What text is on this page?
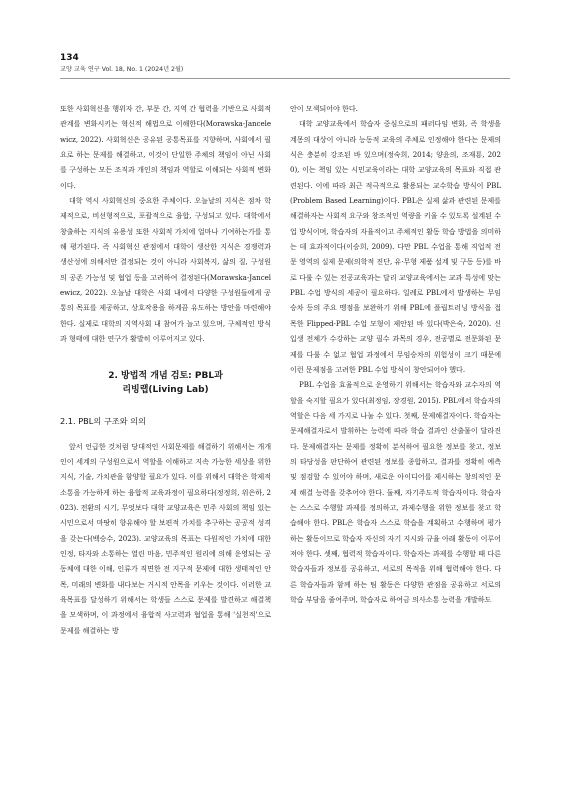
134
교양 교육 연구 Vol. 18, No. 1 (2024년 2월)

또한 사회혁신을 행위자 간, 부문 간, 지역 간 협력을 기반으로 사회적 관계를 변화시키는 혁신적 해법으로 이해한다(Morawska-Jancelewicz, 2022). 사회혁신은 공유된 공통목표를 지향하며, 사회에서 필요로 하는 문제를 해결하고, 이것이 단일한 주체의 책임이 아닌 사회를 구성하는 모든 조직과 개인의 책임과 역할로 이해되는 사회적 변화이다.

대학 역시 사회혁신의 중요한 주체이다. 오늘날의 지식은 점차 학제적으로, 비선형적으로, 포괄적으로 융합, 구성되고 있다. 대학에서 창출하는 지식의 유용성 또한 사회적 가치에 얼마나 기여하는가를 통해 평가된다. 즉 사회혁신 관점에서 대학이 생산한 지식은 경쟁력과 생산성에 의해서만 결정되는 것이 아니라 사회복지, 삶의 질, 구성원의 공존 가능성 및 협업 등을 고려하여 결정된다(Morawska-Jancelewicz, 2022). 오늘날 대학은 사회 내에서 다양한 구성원들에게 공통의 목표를 제공하고, 상호작용을 하게끔 유도하는 방안을 마련해야 한다. 실제로 대학의 지역사회 내 참여가 늘고 있으며, 구체적인 방식과 형태에 대한 연구가 활발히 이루어지고 있다.

2. 방법적 개념 검토: PBL과
리빙랩(Living Lab)
2.1. PBL의 구조와 의의

앞서 언급한 것처럼 당대적인 사회문제를 해결하기 위해서는 개개인이 세계의 구성원으로서 역할을 이해하고 지속 가능한 세상을 위한 지식, 기술, 가치관을 함양할 필요가 있다. 이를 위해서 대학은 학제적 소통을 가능하게 하는 융합적 교육과정이 필요하다(정정희, 위은하, 2023). 전환의 시기, 무엇보다 대학 교양교육은 민주 사회의 책임 있는 시민으로서 마땅히 향유해야 할 보편적 가치를 추구하는 공공적 성격을 갖는다(백승수, 2023). 교양교육의 목표는 다원적인 가치에 대한 인정, 타자와 소통하는 열린 마음, 민주적인 원리에 의해 운영되는 공동체에 대한 이해, 인류가 직면한 전 지구적 문제에 대한 생태적인 안목, 미래의 변화를 내다보는 거시적 안목을 키우는 것이다. 이러한 교육목표를 달성하기 위해서는 학생들 스스로 문제를 발견하고 해결책을 모색하며, 이 과정에서 융합적 사고력과 협업을 통해 '실천적'으로 문제를 해결하는 방

안이 모색되어야 한다.

대학 교양교육에서 학습자 중심으로의 패러다임 변화, 즉 학생을 계몽의 대상이 아니라 능동적 교육의 주체로 인정해야 한다는 문제의식은 충분히 강조된 바 있으며(정숙희, 2014; 양윤의, 조재룡, 2020), 이는 책임 있는 시민교육이라는 대학 교양교육의 목표와 직접 관련된다. 이에 따라 최근 적극적으로 활용되는 교수학습 방식이 PBL (Problem Based Learning)이다. PBL은 실제 삶과 관련된 문제를 해결하자는 사회적 요구와 창조적인 역량을 키울 수 있도록 설계된 수업 방식이며, 학습자의 자율적이고 주체적인 활동 학습 방법을 의미하는 데 효과적이다(이승희, 2009). 다만 PBL 수업을 통해 직업적 전문 영역의 실제 문제(의학적 진단, 유·무형 제품 설계 및 구동 등)를 바로 다룰 수 있는 전공교육과는 달리 교양교육에서는 교과 특성에 맞는 PBL 수업 방식의 세공이 필요하다. 일례로 PBL에서 발생하는 무임승차 등의 주요 맹점을 보완하기 위해 PBL에 플립트러닝 방식을 접목한 Flipped-PBL 수업 모형이 제안된 바 있다(박은숙, 2020). 신입생 전체가 수강하는 교양 필수 과목의 경우, 전공별로 전문화된 문제를 다룰 수 없고 협업 과정에서 무임승차의 위험성이 크기 때문에 이런 문제점을 고려한 PBL 수업 방식이 창안되어야 했다.

PBL 수업을 효율적으로 운영하기 위해서는 학습자와 교수자의 역할을 숙지할 필요가 있다(최정임, 장경원, 2015). PBL에서 학습자의 역할은 다음 세 가지로 나눌 수 있다. 첫째, 문제해결자이다. 학습자는 문제해결자로서 발휘하는 능력에 따라 학습 결과인 산출물이 달라진다. 문제해결자는 문제를 정확히 분석하여 필요한 정보를 찾고, 정보의 타당성을 판단하여 관련된 정보를 종합하고, 결과를 정확히 예측 및 점검할 수 있어야 하며, 새로운 아이디어를 제시하는 창의적인 문제 해결 능력을 갖추어야 한다. 둘째, 자기주도적 학습자이다. 학습자는 스스로 수행할 과제를 정의하고, 과제수행을 위한 정보를 찾고 학습해야 한다. PBL은 학습자 스스로 학습을 계획하고 수행하며 평가하는 활동이므로 학습자 자신의 자기 지시와 규율 아래 활동이 이루어져야 한다. 셋째, 협력적 학습자이다. 학습자는 과제를 수행할 때 다른 학습자들과 정보를 공유하고, 서로의 목적을 위해 협력해야 한다. 다른 학습자들과 함께 하는 팀 활동은 다양한 관점을 공유하고 서로의 학습 부담을 줄여주며, 학습자로 하여금 의사소통 능력을 개발하도
